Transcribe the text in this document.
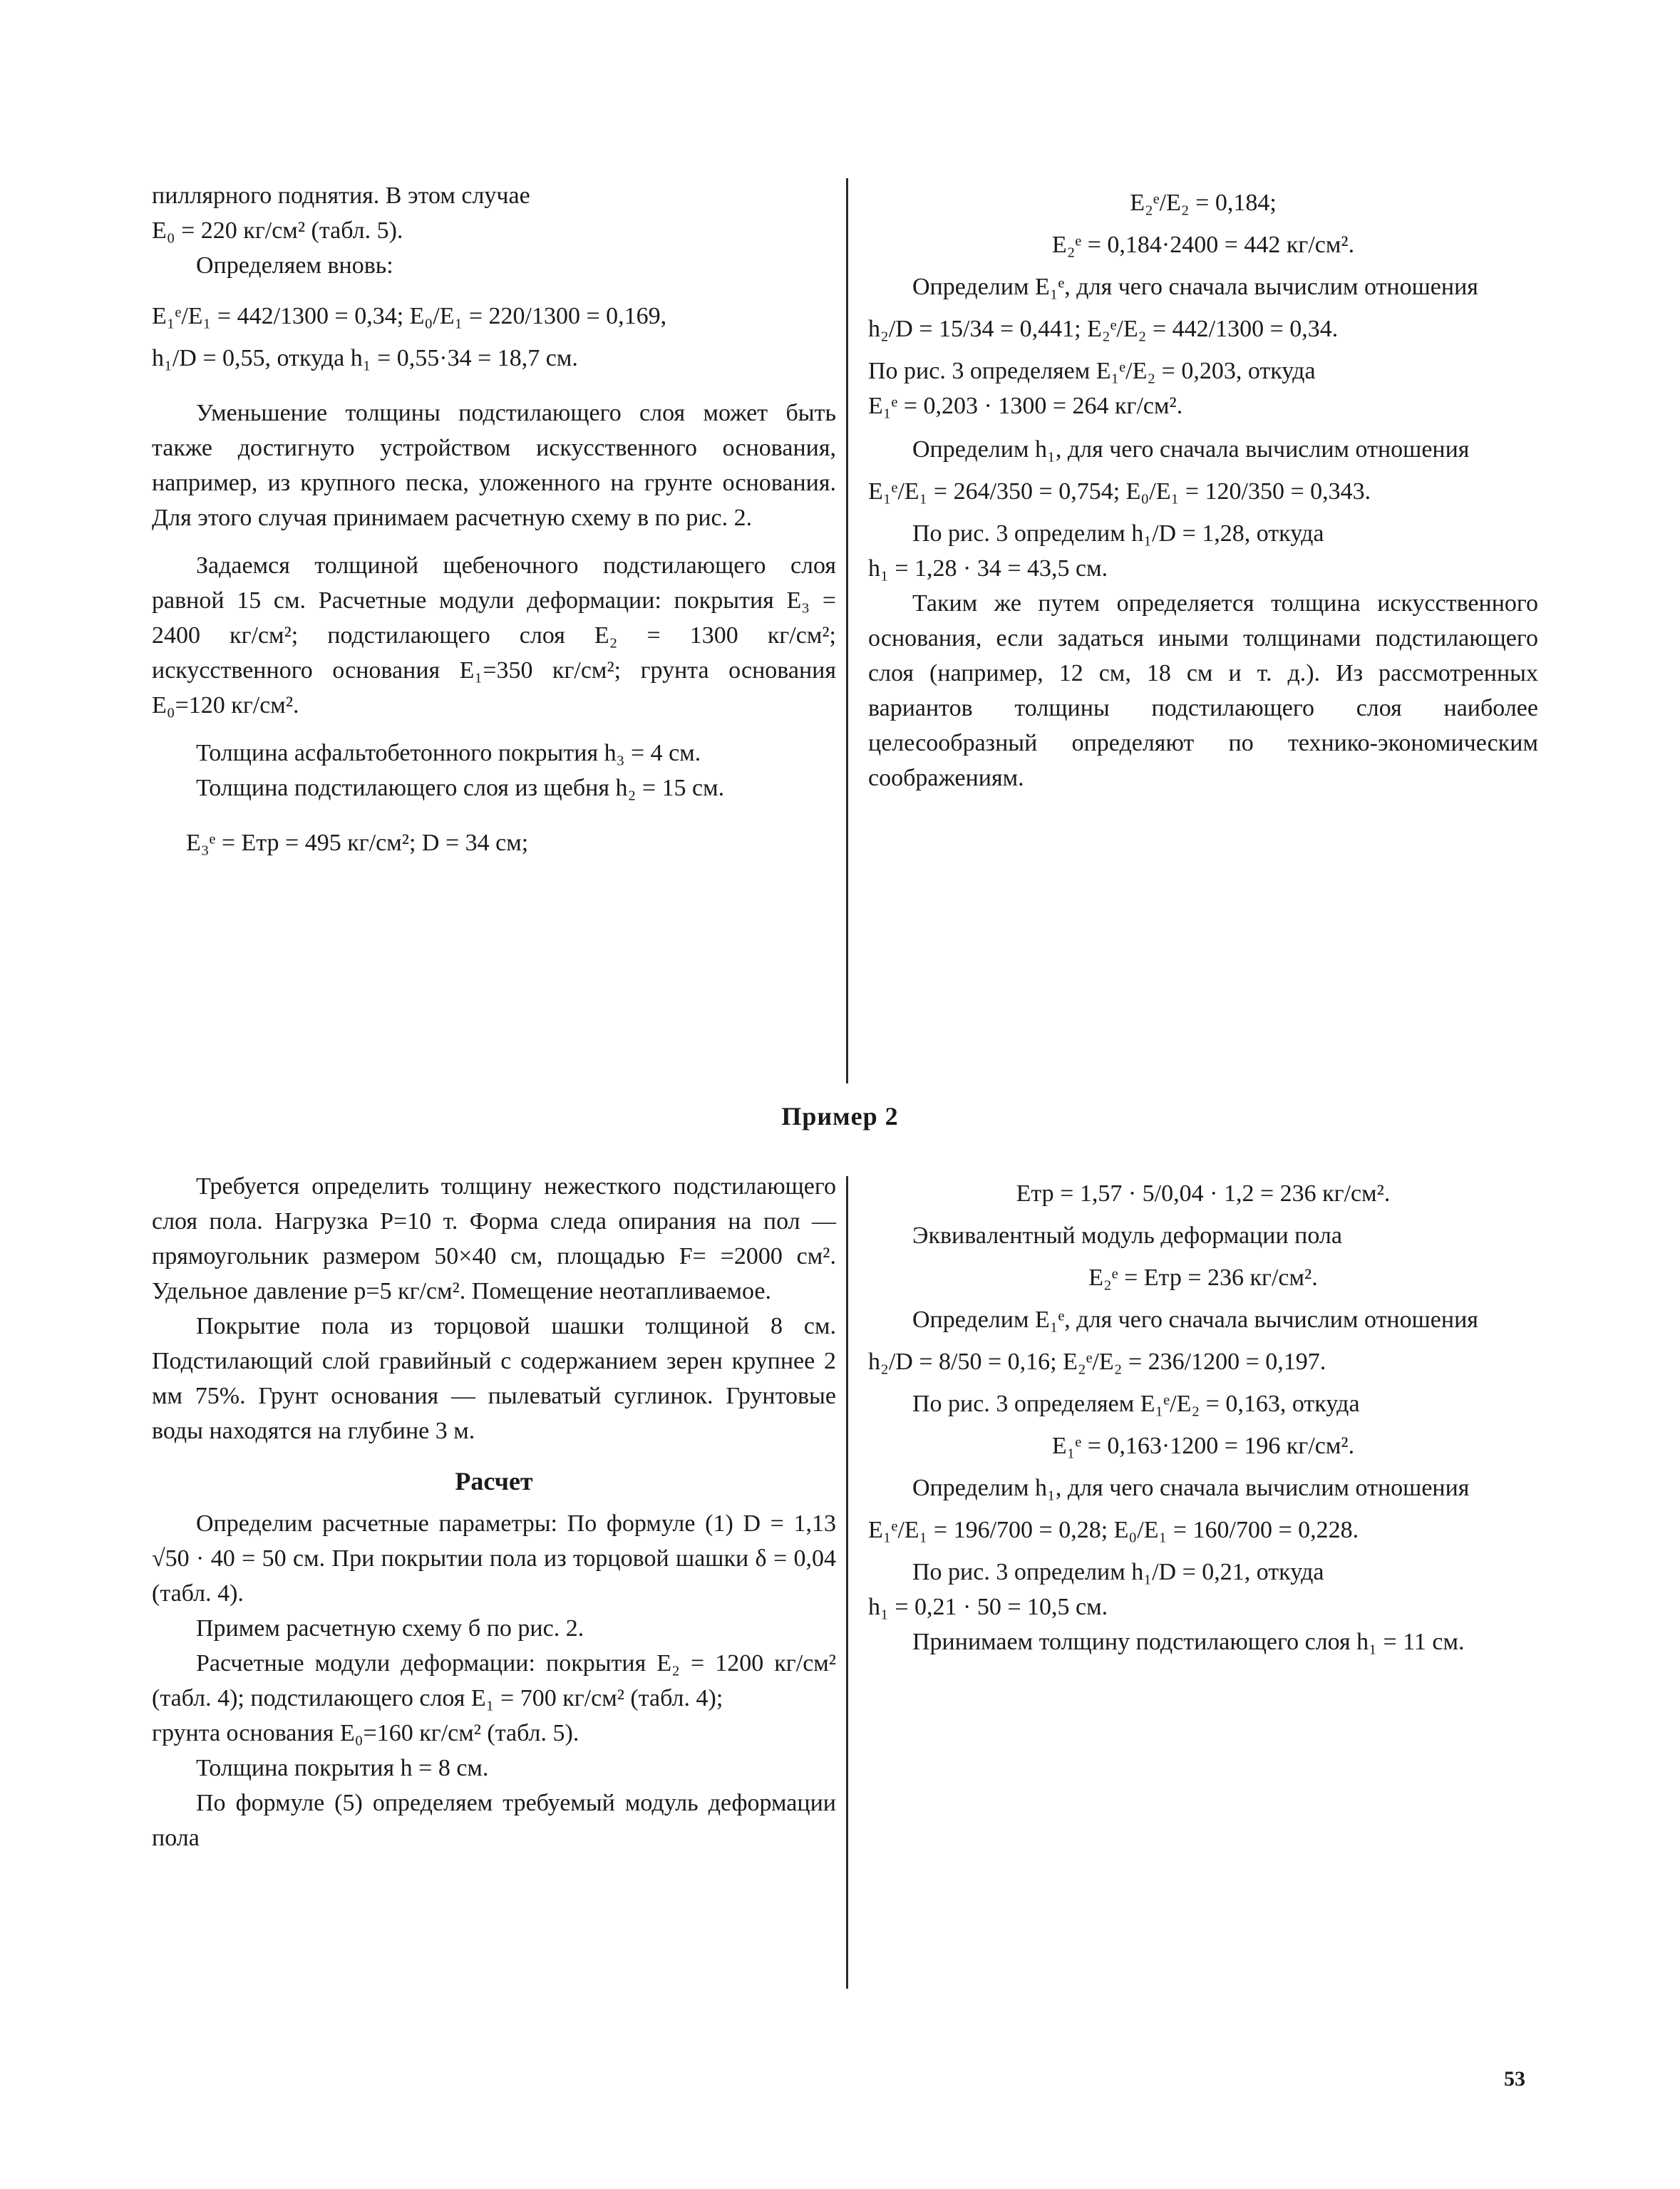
пиллярного поднятия. В этом случае

E₀ = 220 кг/см² (табл. 5).

Определяем вновь:

E₁ᵉ/E₁ = 442/1300 = 0,34; E₀/E₁ = 220/1300 = 0,169,

h₁/D = 0,55, откуда h₁ = 0,55·34 = 18,7 см.

Уменьшение толщины подстилающего слоя может быть также достигнуто устройством искусственного основания, например, из крупного песка, уложенного на грунте основания. Для этого случая принимаем расчетную схему в по рис. 2.

Задаемся толщиной щебеночного подстилающего слоя равной 15 см. Расчетные модули деформации: покрытия E₃ = 2400 кг/см²; подстилающего слоя E₂ = 1300 кг/см²; искусственного основания E₁=350 кг/см²; грунта основания E₀=120 кг/см².

Толщина асфальтобетонного покрытия h₃ = 4 см.

Толщина подстилающего слоя из щебня h₂ = 15 см.

E₃ᵉ = Eтр = 495 кг/см²; D = 34 см;

E₂ᵉ/E₂ = 0,184;

E₂ᵉ = 0,184·2400 = 442 кг/см².

Определим E₁ᵉ, для чего сначала вычислим отношения

h₂/D = 15/34 = 0,441; E₂ᵉ/E₂ = 442/1300 = 0,34.

По рис. 3 определяем E₁ᵉ/E₂ = 0,203, откуда

E₁ᵉ = 0,203 · 1300 = 264 кг/см².

Определим h₁, для чего сначала вычислим отношения

E₁ᵉ/E₁ = 264/350 = 0,754; E₀/E₁ = 120/350 = 0,343.

По рис. 3 определим h₁/D = 1,28, откуда

h₁ = 1,28 · 34 = 43,5 см.

Таким же путем определяется толщина искусственного основания, если задаться иными толщинами подстилающего слоя (например, 12 см, 18 см и т. д.). Из рассмотренных вариантов толщины подстилающего слоя наиболее целесообразный определяют по технико-экономическим соображениям.

Пример 2

Требуется определить толщину нежесткого подстилающего слоя пола. Нагрузка P=10 т. Форма следа опирания на пол — прямоугольник размером 50×40 см, площадью F= =2000 см². Удельное давление p=5 кг/см². Помещение неотапливаемое.

Покрытие пола из торцовой шашки толщиной 8 см. Подстилающий слой гравийный с содержанием зерен крупнее 2 мм 75%. Грунт основания — пылеватый суглинок. Грунтовые воды находятся на глубине 3 м.

Расчет

Определим расчетные параметры: По формуле (1) D = 1,13 √50 · 40 = 50 см. При покрытии пола из торцовой шашки δ = 0,04 (табл. 4).

Примем расчетную схему б по рис. 2.

Расчетные модули деформации: покрытия E₂ = 1200 кг/см² (табл. 4); подстилающего слоя E₁ = 700 кг/см² (табл. 4);

грунта основания E₀=160 кг/см² (табл. 5).

Толщина покрытия h = 8 см.

По формуле (5) определяем требуемый модуль деформации пола

Eтр = 1,57 · 5/0,04 · 1,2 = 236 кг/см².

Эквивалентный модуль деформации пола

E₂ᵉ = Eтр = 236 кг/см².

Определим E₁ᵉ, для чего сначала вычислим отношения

h₂/D = 8/50 = 0,16; E₂ᵉ/E₂ = 236/1200 = 0,197.

По рис. 3 определяем E₁ᵉ/E₂ = 0,163, откуда

E₁ᵉ = 0,163·1200 = 196 кг/см².

Определим h₁, для чего сначала вычислим отношения

E₁ᵉ/E₁ = 196/700 = 0,28; E₀/E₁ = 160/700 = 0,228.

По рис. 3 определим h₁/D = 0,21, откуда

h₁ = 0,21 · 50 = 10,5 см.

Принимаем толщину подстилающего слоя h₁ = 11 см.

53
